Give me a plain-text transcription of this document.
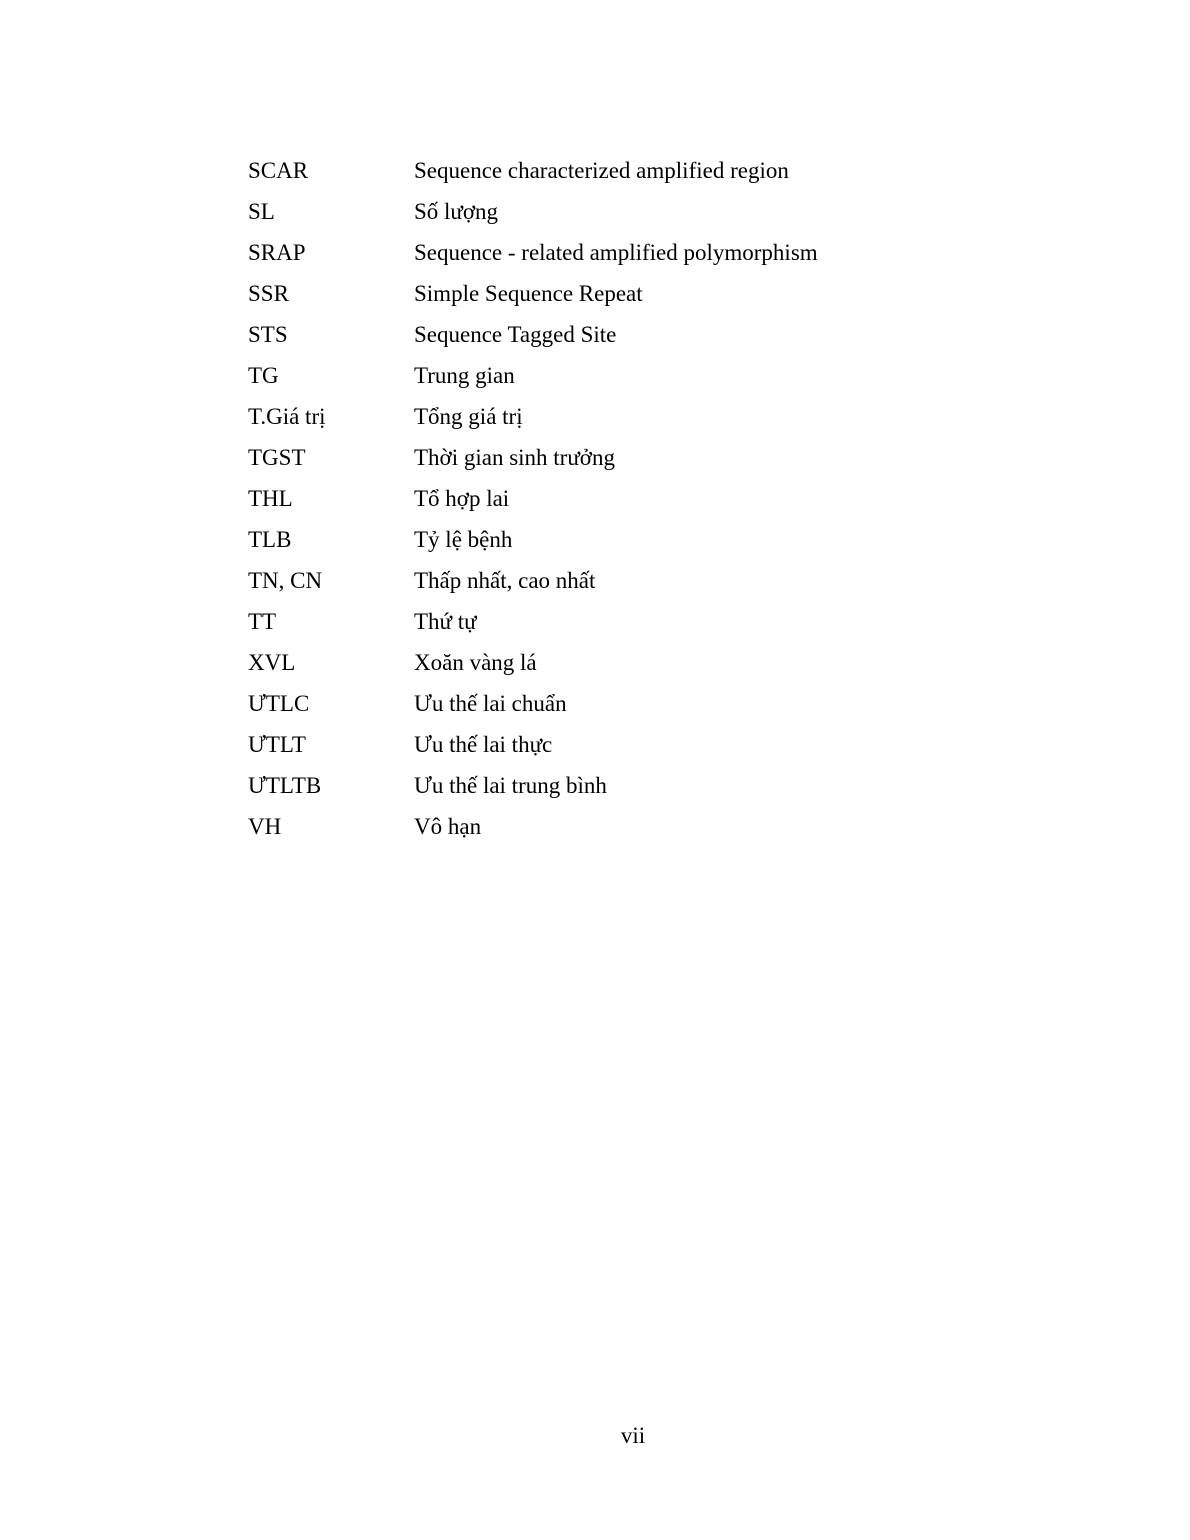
SCAR	Sequence characterized amplified region
SL	Số lượng
SRAP	Sequence - related amplified polymorphism
SSR	Simple Sequence Repeat
STS	Sequence Tagged Site
TG	Trung gian
T.Giá trị	Tổng giá trị
TGST	Thời gian sinh trưởng
THL	Tổ hợp lai
TLB	Tỷ lệ bệnh
TN, CN	Thấp nhất, cao nhất
TT	Thứ tự
XVL	Xoăn vàng lá
ƯTLC	Ưu thế lai chuẩn
ƯTLT	Ưu thế lai thực
ƯTLTB	Ưu thế lai trung bình
VH	Vô hạn
vii
